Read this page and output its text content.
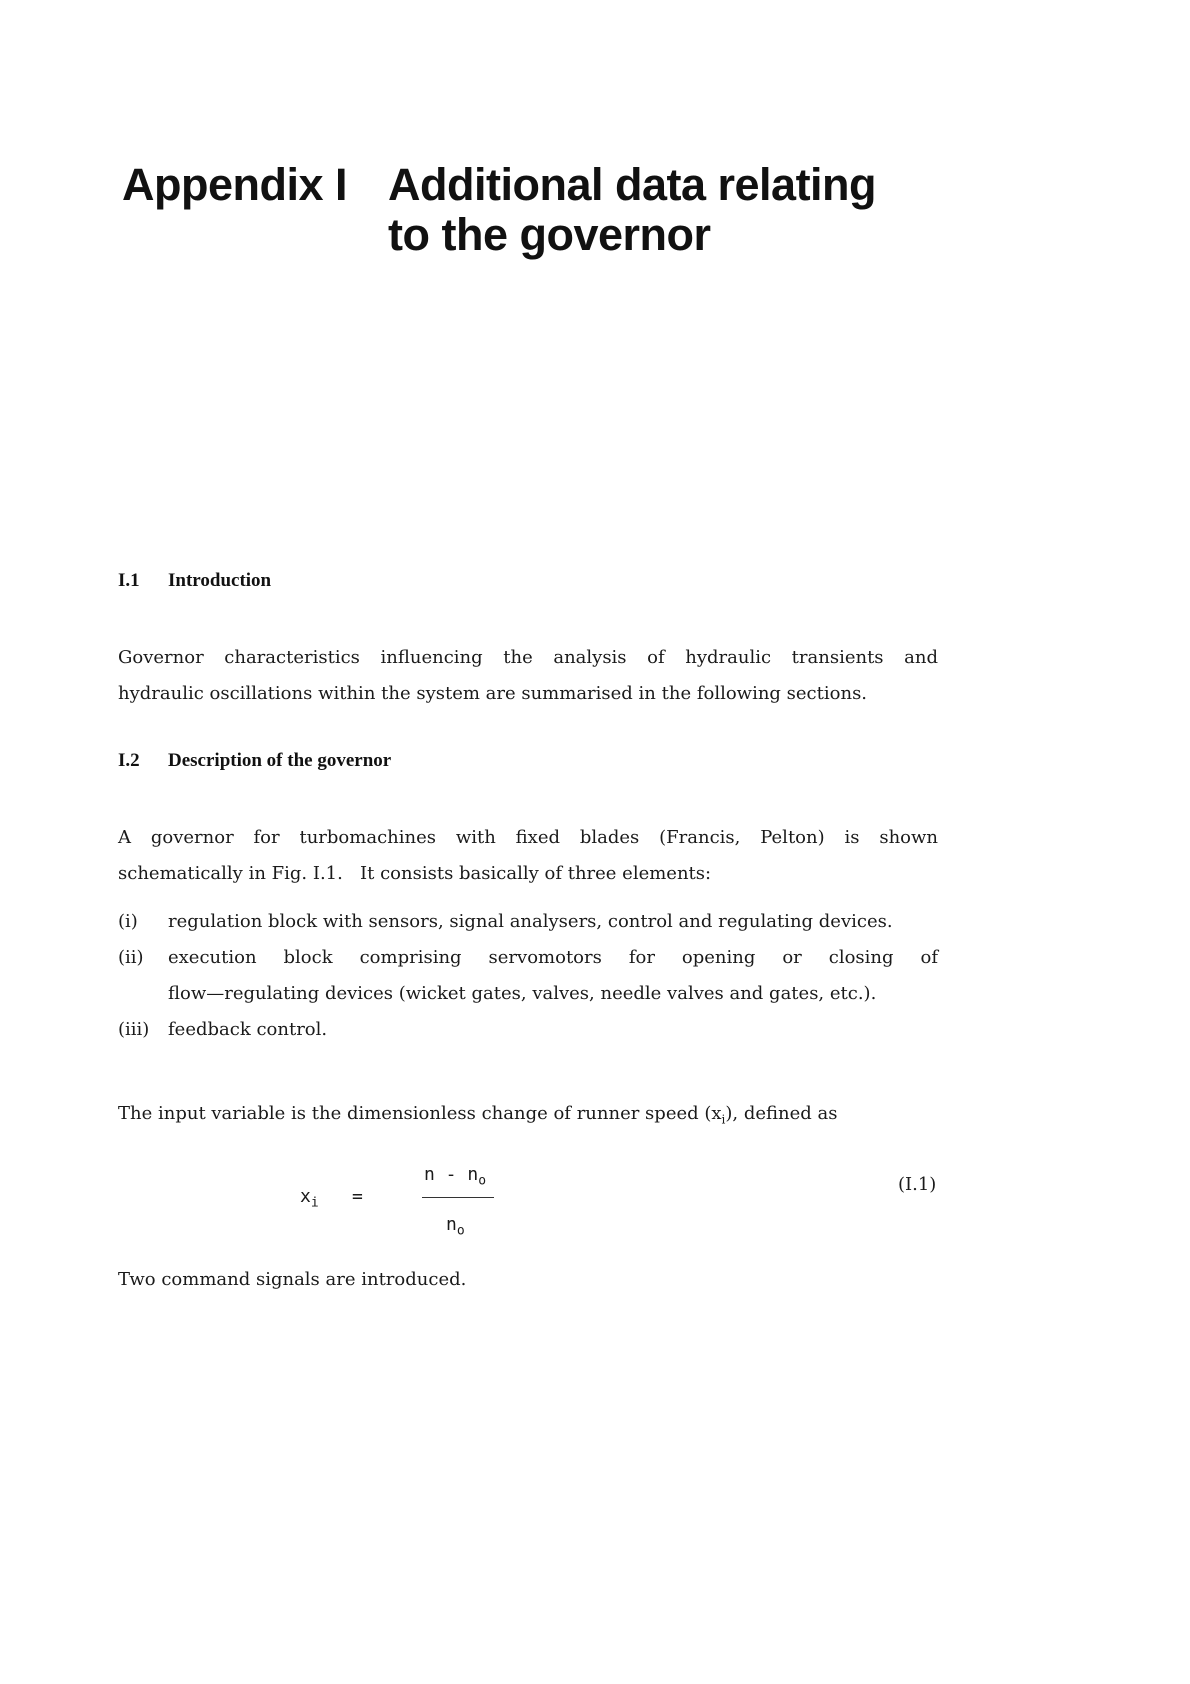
Appendix I Additional data relating
to the governor
I.1 Introduction

Governor characteristics influencing the analysis of hydraulic transients and

hydraulic oscillations within the system are summarised in the following sections.

I.2 Description of the governor

A governor for turbomachines with fixed blades (Francis, Pelton) is shown

schematically in Fig. I.1.   It consists basically of three elements:

(i) regulation block with sensors, signal analysers, control and regulating devices.
(ii) execution block comprising servomotors for opening or closing of
flow—regulating devices (wicket gates, valves, needle valves and gates, etc.).
(iii) feedback control.

The input variable is the dimensionless change of runner speed $(x_i)$, defined as

$x_i$ =
n - $n_o$
$n_o$
(I.1)

Two command signals are introduced.
